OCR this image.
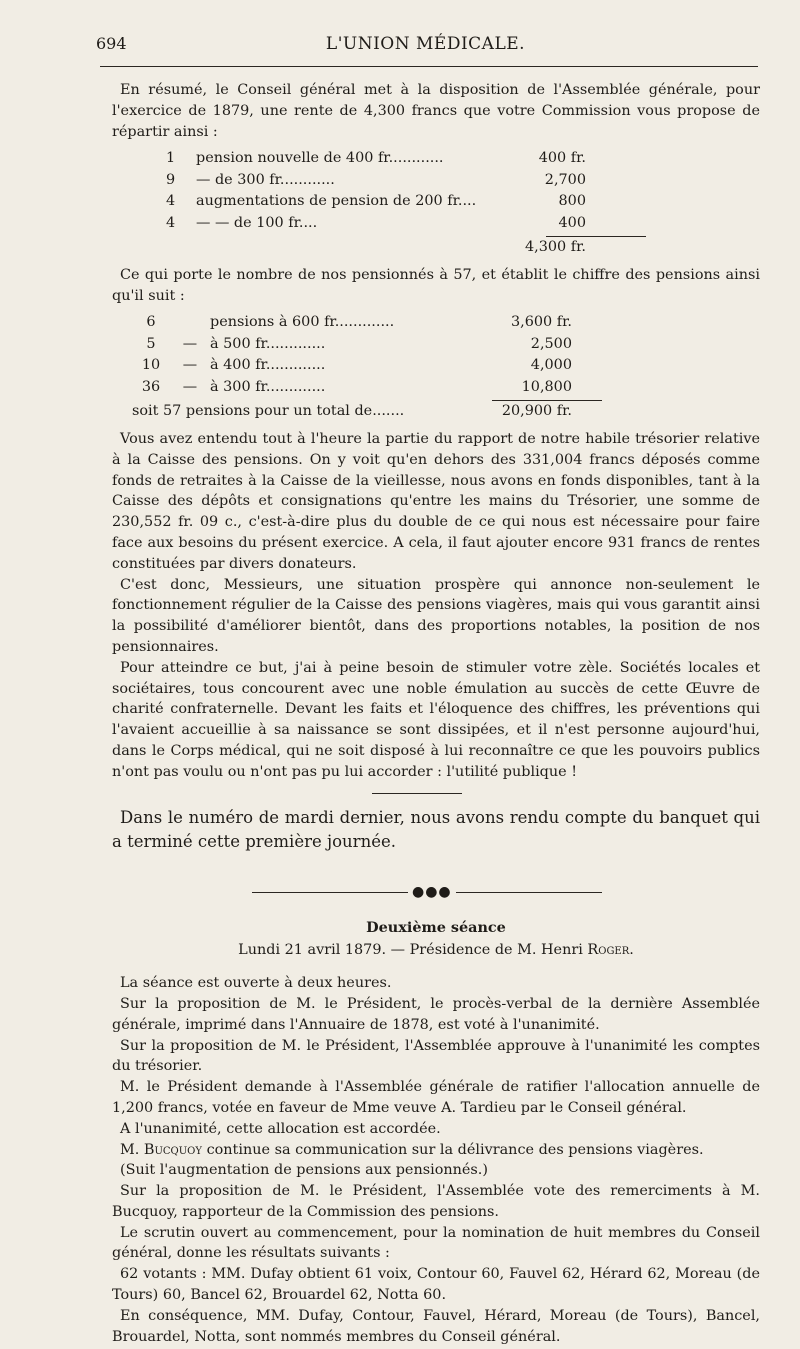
694	L'UNION MÉDICALE.

En résumé, le Conseil général met à la disposition de l'Assemblée générale, pour l'exercice de 1879, une rente de 4,300 francs que votre Commission vous propose de répartir ainsi :

1	pension nouvelle de 400 fr............	400 fr.
9	— de 300 fr............	2,700
4	augmentations de pension de 200 fr....	800
4	— — de 100 fr....	400
4,300 fr.

Ce qui porte le nombre de nos pensionnés à 57, et établit le chiffre des pensions ainsi qu'il suit :

6	pensions à 600 fr.............	3,600 fr.
5	— à 500 fr.............	2,500
10	— à 400 fr.............	4,000
36	— à 300 fr.............	10,800
soit 57 pensions pour un total de.......	20,900 fr.

Vous avez entendu tout à l'heure la partie du rapport de notre habile trésorier relative à la Caisse des pensions. On y voit qu'en dehors des 331,004 francs déposés comme fonds de retraites à la Caisse de la vieillesse, nous avons en fonds disponibles, tant à la Caisse des dépôts et consignations qu'entre les mains du Trésorier, une somme de 230,552 fr. 09 c., c'est-à-dire plus du double de ce qui nous est nécessaire pour faire face aux besoins du présent exercice. A cela, il faut ajouter encore 931 francs de rentes constituées par divers donateurs.

C'est donc, Messieurs, une situation prospère qui annonce non-seulement le fonctionnement régulier de la Caisse des pensions viagères, mais qui vous garantit ainsi la possibilité d'améliorer bientôt, dans des proportions notables, la position de nos pensionnaires.

Pour atteindre ce but, j'ai à peine besoin de stimuler votre zèle. Sociétés locales et sociétaires, tous concourent avec une noble émulation au succès de cette Œuvre de charité confraternelle. Devant les faits et l'éloquence des chiffres, les préventions qui l'avaient accueillie à sa naissance se sont dissipées, et il n'est personne aujourd'hui, dans le Corps médical, qui ne soit disposé à lui reconnaître ce que les pouvoirs publics n'ont pas voulu ou n'ont pas pu lui accorder : l'utilité publique !

Dans le numéro de mardi dernier, nous avons rendu compte du banquet qui a terminé cette première journée.

●●●
Deuxième séance
Lundi 21 avril 1879. — Présidence de M. Henri Roger.

La séance est ouverte à deux heures.

Sur la proposition de M. le Président, le procès-verbal de la dernière Assemblée générale, imprimé dans l'Annuaire de 1878, est voté à l'unanimité.

Sur la proposition de M. le Président, l'Assemblée approuve à l'unanimité les comptes du trésorier.

M. le Président demande à l'Assemblée générale de ratifier l'allocation annuelle de 1,200 francs, votée en faveur de Mme veuve A. Tardieu par le Conseil général.

A l'unanimité, cette allocation est accordée.

M. Bucquoy continue sa communication sur la délivrance des pensions viagères.

(Suit l'augmentation de pensions aux pensionnés.)

Sur la proposition de M. le Président, l'Assemblée vote des remerciments à M. Bucquoy, rapporteur de la Commission des pensions.

Le scrutin ouvert au commencement, pour la nomination de huit membres du Conseil général, donne les résultats suivants :

62 votants : MM. Dufay obtient 61 voix, Contour 60, Fauvel 62, Hérard 62, Moreau (de Tours) 60, Bancel 62, Brouardel 62, Notta 60.

En conséquence, MM. Dufay, Contour, Fauvel, Hérard, Moreau (de Tours), Bancel, Brouardel, Notta, sont nommés membres du Conseil général.
